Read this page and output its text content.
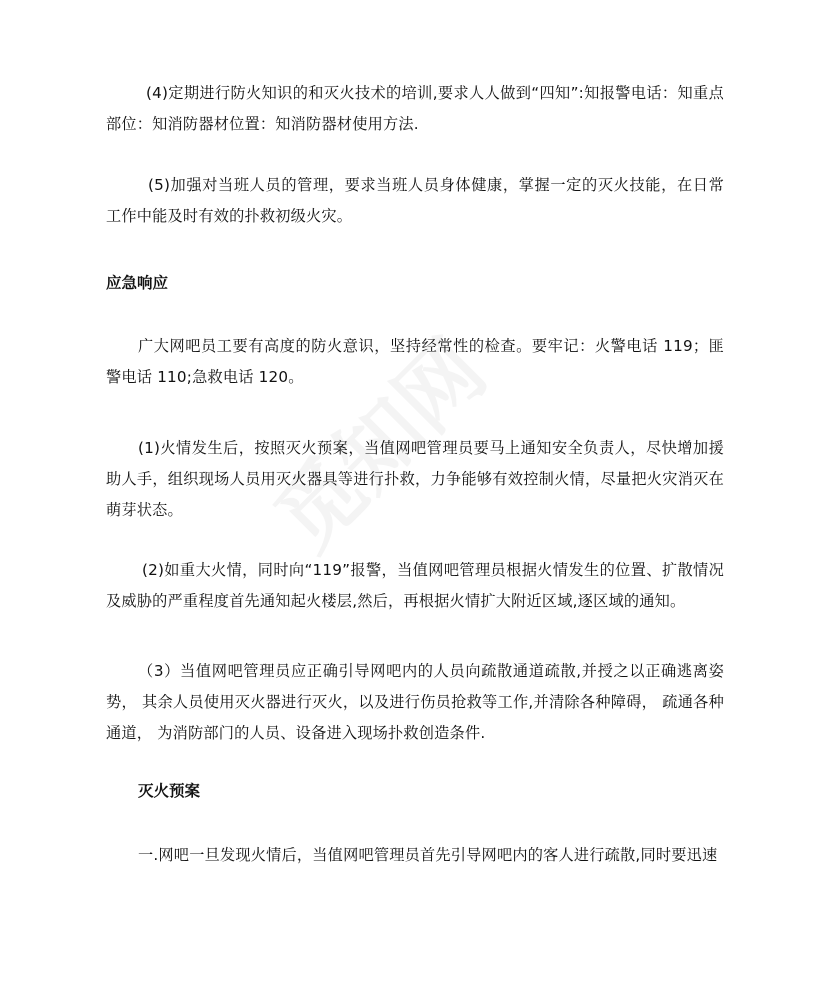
(4)定期进行防火知识的和灭火技术的培训,要求人人做到“四知”:知报警电话：知重点部位：知消防器材位置：知消防器材使用方法.

(5)加强对当班人员的管理，要求当班人员身体健康，掌握一定的灭火技能，在日常工作中能及时有效的扑救初级火灾。

应急响应

广大网吧员工要有高度的防火意识，坚持经常性的检查。要牢记：火警电话 119；匪警电话 110;急救电话 120。

(1)火情发生后，按照灭火预案，当值网吧管理员要马上通知安全负责人，尽快增加援助人手，组织现场人员用灭火器具等进行扑救，力争能够有效控制火情，尽量把火灾消灭在萌芽状态。

(2)如重大火情，同时向“119”报警，当值网吧管理员根据火情发生的位置、扩散情况及威胁的严重程度首先通知起火楼层,然后，再根据火情扩大附近区域,逐区域的通知。

（3）当值网吧管理员应正确引导网吧内的人员向疏散通道疏散,并授之以正确逃离姿势， 其余人员使用灭火器进行灭火，以及进行伤员抢救等工作,并清除各种障碍， 疏通各种通道， 为消防部门的人员、设备进入现场扑救创造条件.

灭火预案

一.网吧一旦发现火情后，当值网吧管理员首先引导网吧内的客人进行疏散,同时要迅速
